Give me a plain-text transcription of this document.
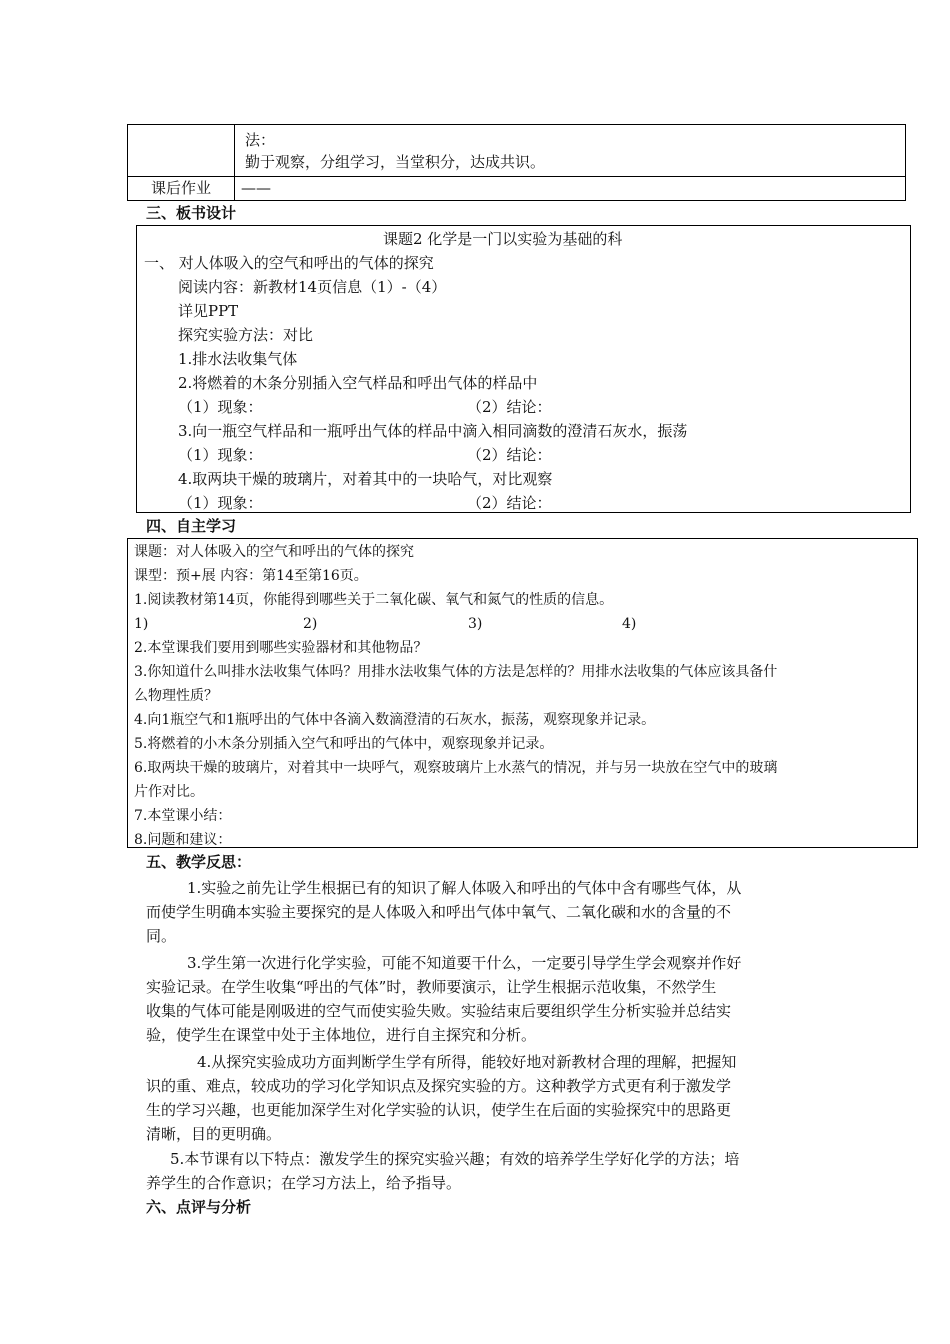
	法：
勤于观察，分组学习，当堂积分，达成共识。

课后作业	——
三、板书设计
课题2 化学是一门以实验为基础的科
一、 对人体吸入的空气和呼出的气体的探究
阅读内容：新教材14页信息（1）-（4）
详见PPT
探究实验方法：对比
1.排水法收集气体
2.将燃着的木条分别插入空气样品和呼出气体的样品中
（1）现象：	（2）结论：
3.向一瓶空气样品和一瓶呼出气体的样品中滴入相同滴数的澄清石灰水，振荡
（1）现象：	（2）结论：
4.取两块干燥的玻璃片，对着其中的一块哈气，对比观察
（1）现象：	（2）结论：
四、自主学习
课题：对人体吸入的空气和呼出的气体的探究
课型：预+展 内容：第14至第16页。
1.阅读教材第14页，你能得到哪些关于二氧化碳、氧气和氮气的性质的信息。
1)	2)	3)	4)
2.本堂课我们要用到哪些实验器材和其他物品？
3.你知道什么叫排水法收集气体吗？用排水法收集气体的方法是怎样的？用排水法收集的气体应该具备什
么物理性质？
4.向1瓶空气和1瓶呼出的气体中各滴入数滴澄清的石灰水，振荡，观察现象并记录。
5.将燃着的小木条分别插入空气和呼出的气体中，观察现象并记录。
6.取两块干燥的玻璃片，对着其中一块呼气，观察玻璃片上水蒸气的情况，并与另一块放在空气中的玻璃
片作对比。
7.本堂课小结：
8.问题和建议：
五、教学反思：
1.实验之前先让学生根据已有的知识了解人体吸入和呼出的气体中含有哪些气体，从
而使学生明确本实验主要探究的是人体吸入和呼出气体中氧气、二氧化碳和水的含量的不
同。
3.学生第一次进行化学实验，可能不知道要干什么，一定要引导学生学会观察并作好
实验记录。在学生收集“呼出的气体”时，教师要演示，让学生根据示范收集，不然学生
收集的气体可能是刚吸进的空气而使实验失败。实验结束后要组织学生分析实验并总结实
验，使学生在课堂中处于主体地位，进行自主探究和分析。
4.从探究实验成功方面判断学生学有所得，能较好地对新教材合理的理解，把握知
识的重、难点，较成功的学习化学知识点及探究实验的方。这种教学方式更有利于激发学
生的学习兴趣，也更能加深学生对化学实验的认识，使学生在后面的实验探究中的思路更
清晰，目的更明确。
5.本节课有以下特点：激发学生的探究实验兴趣；有效的培养学生学好化学的方法；培
养学生的合作意识；在学习方法上，给予指导。
六、点评与分析
